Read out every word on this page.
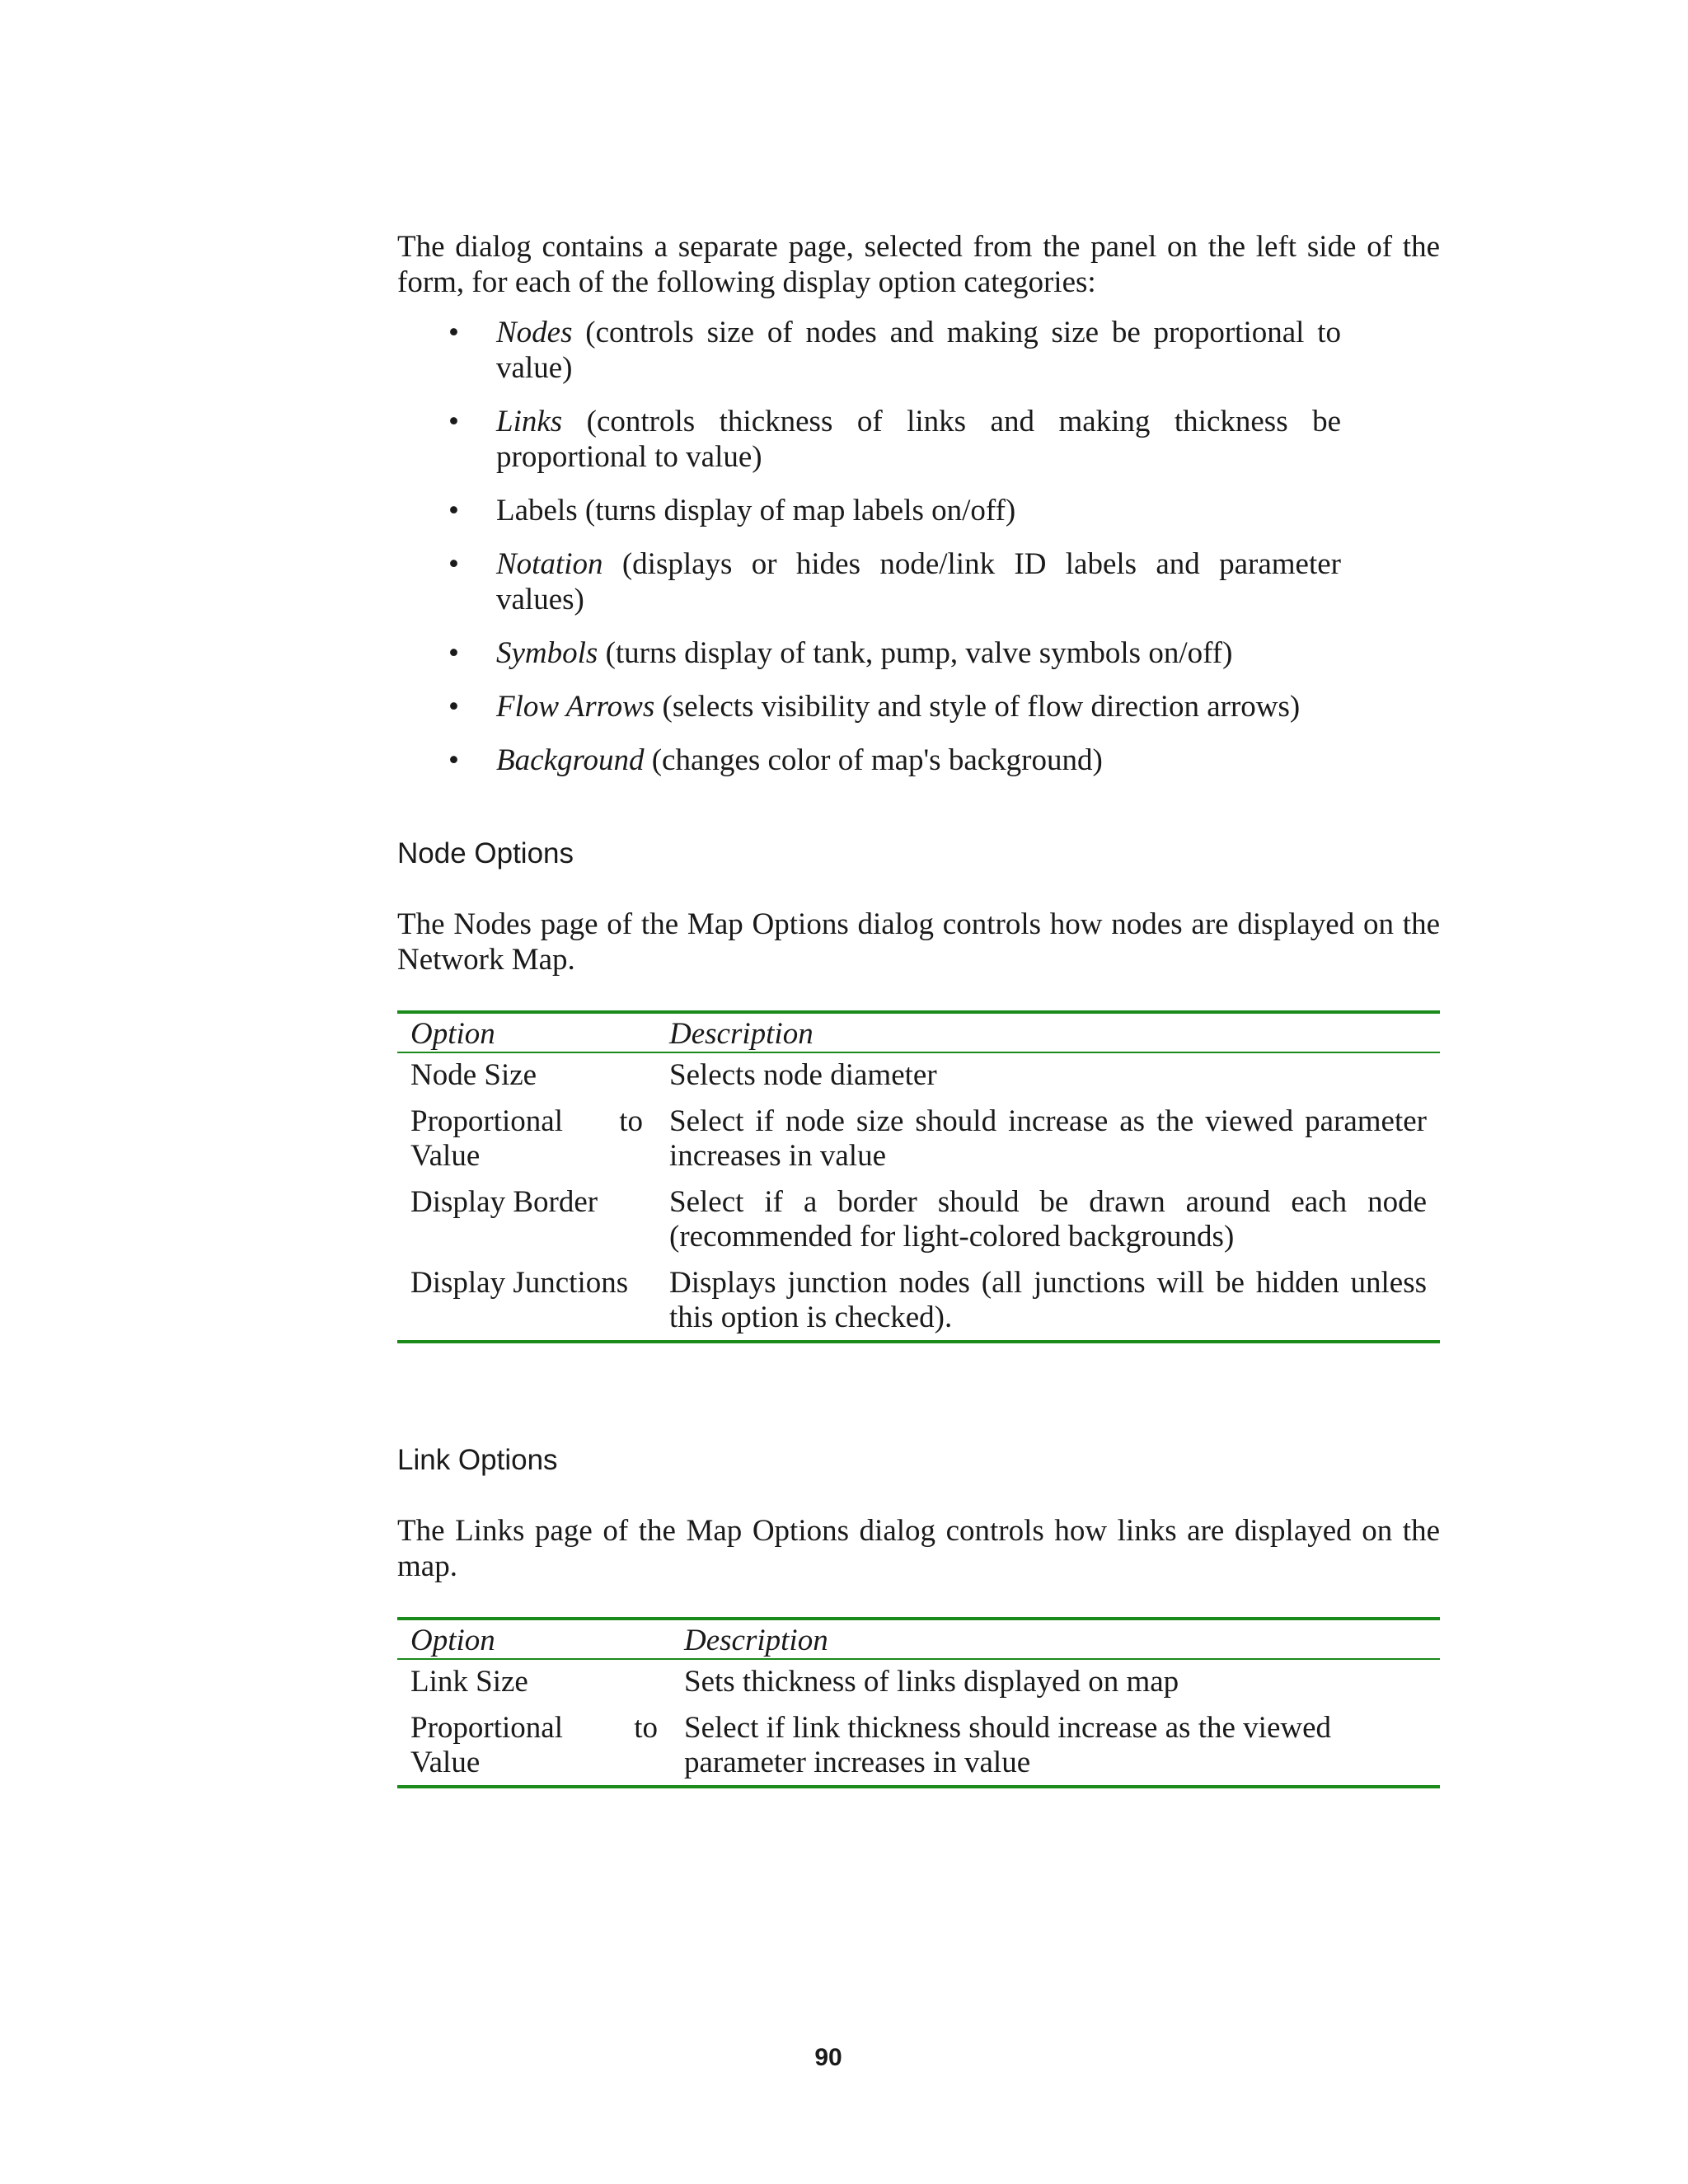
The dialog contains a separate page, selected from the panel on the left side of the form, for each of the following display option categories:

• Nodes (controls size of nodes and making size be proportional to value)
• Links (controls thickness of links and making thickness be proportional to value)
• Labels (turns display of map labels on/off)
• Notation (displays or hides node/link ID labels and parameter values)
• Symbols (turns display of tank, pump, valve symbols on/off)
• Flow Arrows (selects visibility and style of flow direction arrows)
• Background (changes color of map's background)
Node Options

The Nodes page of the Map Options dialog controls how nodes are displayed on the Network Map.

Option	Description
Node Size	Selects node diameter
Proportional to Value	Select if node size should increase as the viewed parameter increases in value
Display Border	Select if a border should be drawn around each node (recommended for light-colored backgrounds)
Display Junctions	Displays junction nodes (all junctions will be hidden unless this option is checked).
Link Options

The Links page of the Map Options dialog controls how links are displayed on the map.

Option	Description
Link Size	Sets thickness of links displayed on map
Proportional to Value	Select if link thickness should increase as the viewed parameter increases in value
90
